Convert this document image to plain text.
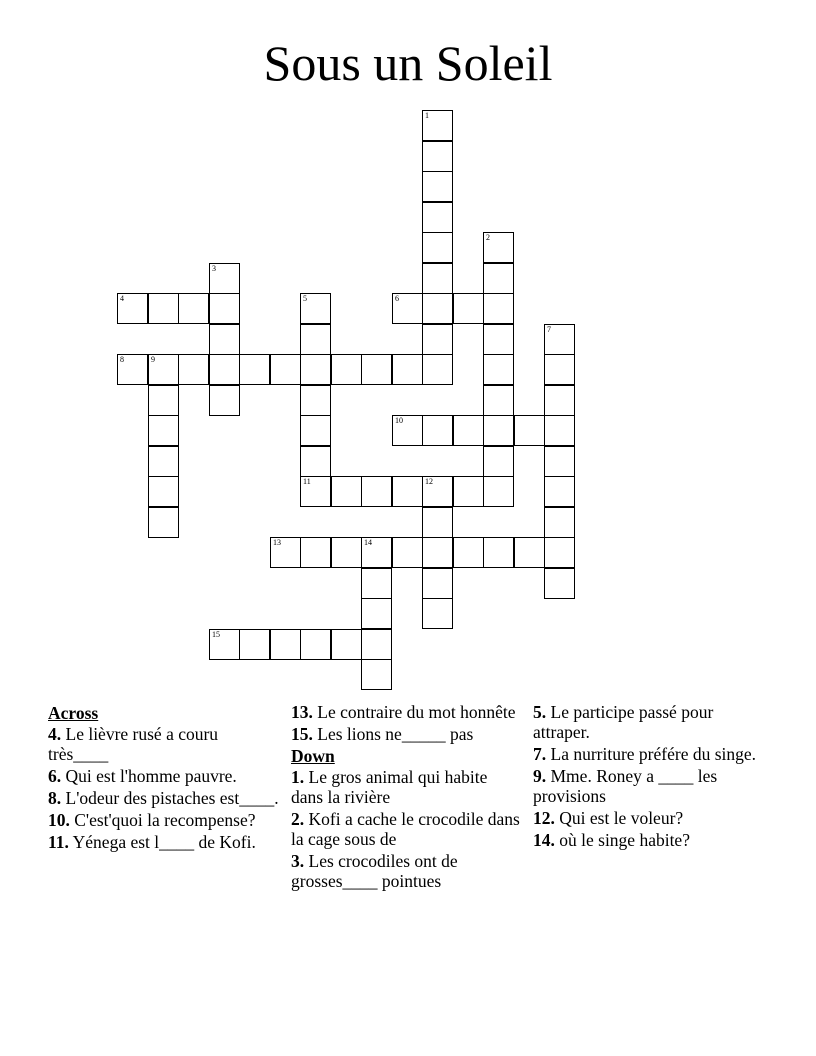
Sous un Soleil
1
2
3
4	5
11
6
7
8	9
10
12
13	14
15
Across
4. Le lièvre rusé a couru très____
6. Qui est l'homme pauvre.
8. L'odeur des pistaches est____.
10. C'est'quoi la recompense?
11. Yénega est l____ de Kofi.
13. Le contraire du mot honnête
15. Les lions ne_____ pas
Down
1. Le gros animal qui habite dans la rivière
2. Kofi a cache le crocodile dans la cage sous de
3. Les crocodiles ont de grosses____ pointues
5. Le participe passé pour attraper.
7. La nurriture préfére du singe.
9. Mme. Roney a ____ les provisions
12. Qui est le voleur?
14. où le singe habite?
